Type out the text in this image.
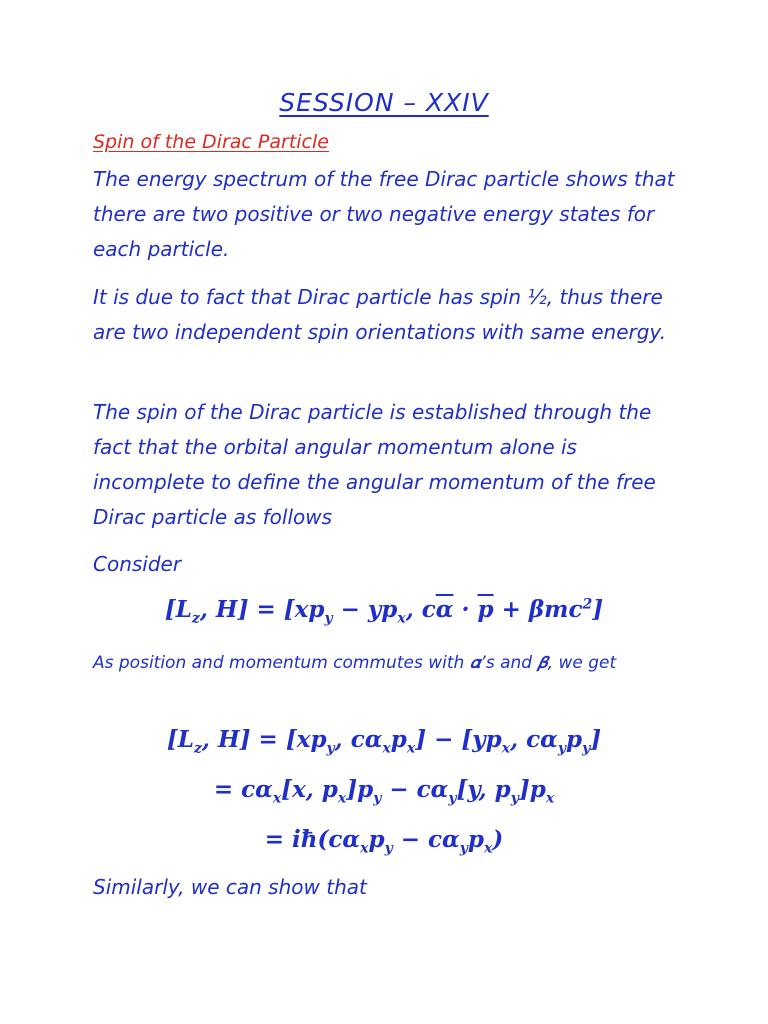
SESSION – XXIV
Spin of the Dirac Particle
The energy spectrum of the free Dirac particle shows that there are two positive or two negative energy states for each particle.
It is due to fact that Dirac particle has spin ½, thus there are two independent spin orientations with same energy.
The spin of the Dirac particle is established through the fact that the orbital angular momentum alone is incomplete to define the angular momentum of the free Dirac particle as follows
Consider
[$L_z$, $H] = [xp_y - yp_x$, $c\overline{\alpha} \cdot \overline{p} + \beta mc^2$]
As position and momentum commutes with 𝜶’s and 𝜷, we get
[$L_z$, $H] = [xp_y$, $c\alpha_xp_x] - [yp_x$, $c\alpha_yp_y$]
= $c\alpha_x[x$, $p_x]p_y - c\alpha_y[y$, $p_y]p_x$
= $iħ(c\alpha_xp_y - c\alpha_yp_x)$
Similarly, we can show that
